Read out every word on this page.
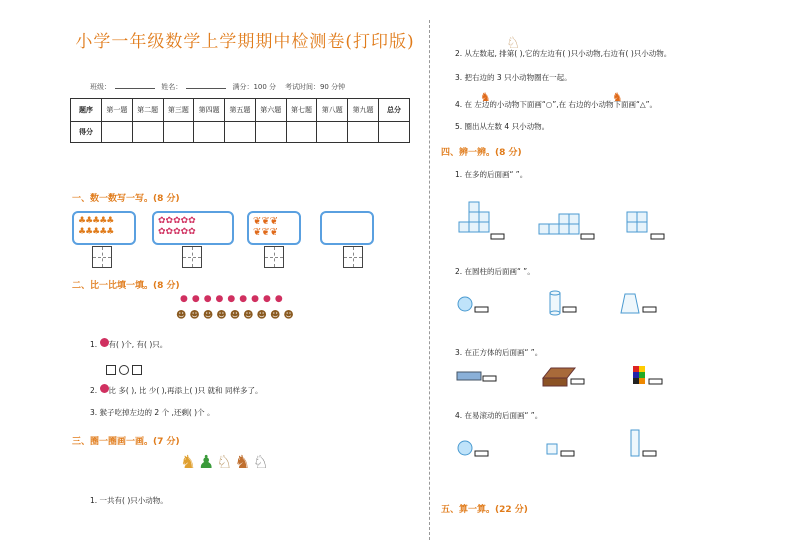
小学一年级数学上学期期中检测卷(打印版)
班级：	姓名：	满分：100 分 考试时间：90 分钟
题序	第一题	第二题	第三题	第四题	第五题	第六题	第七题	第八题	第九题	总分
得分										
一、数一数写一写。(8 分)
♣♣♣♣♣
♣♣♣♣♣
✿✿✿✿✿
✿✿✿✿✿
❦❦❦
❦❦❦
二、比一比填一填。(8 分)
●●●●●●●●●
☻☻☻☻☻☻☻☻☻
1. 有( )个, 有( )只。
2. 比 多( ), 比 少( ),再添上( )只 就和 同样多了。
3. 猴子吃掉左边的 2 个 ,还剩( )个 。
三、圈一圈画一画。(7 分)
♞♟♘♞♘
1. 一共有( )只小动物。
2. 从左数起, 排第( ),它的左边有( )只小动物,右边有( )只小动物。
♘
3. 把右边的 3 只小动物圈在一起。
4. 在 左边的小动物下面画“○”,在 右边的小动物下面画“△”。
♞	♞
5. 圈出从左数 4 只小动物。
四、辨一辨。(8 分)
1. 在多的后面画“ ”。
2. 在圆柱的后面画“ ”。
3. 在正方体的后面画“ ”。
4. 在易滚动的后面画“ ”。
五、算一算。(22 分)
